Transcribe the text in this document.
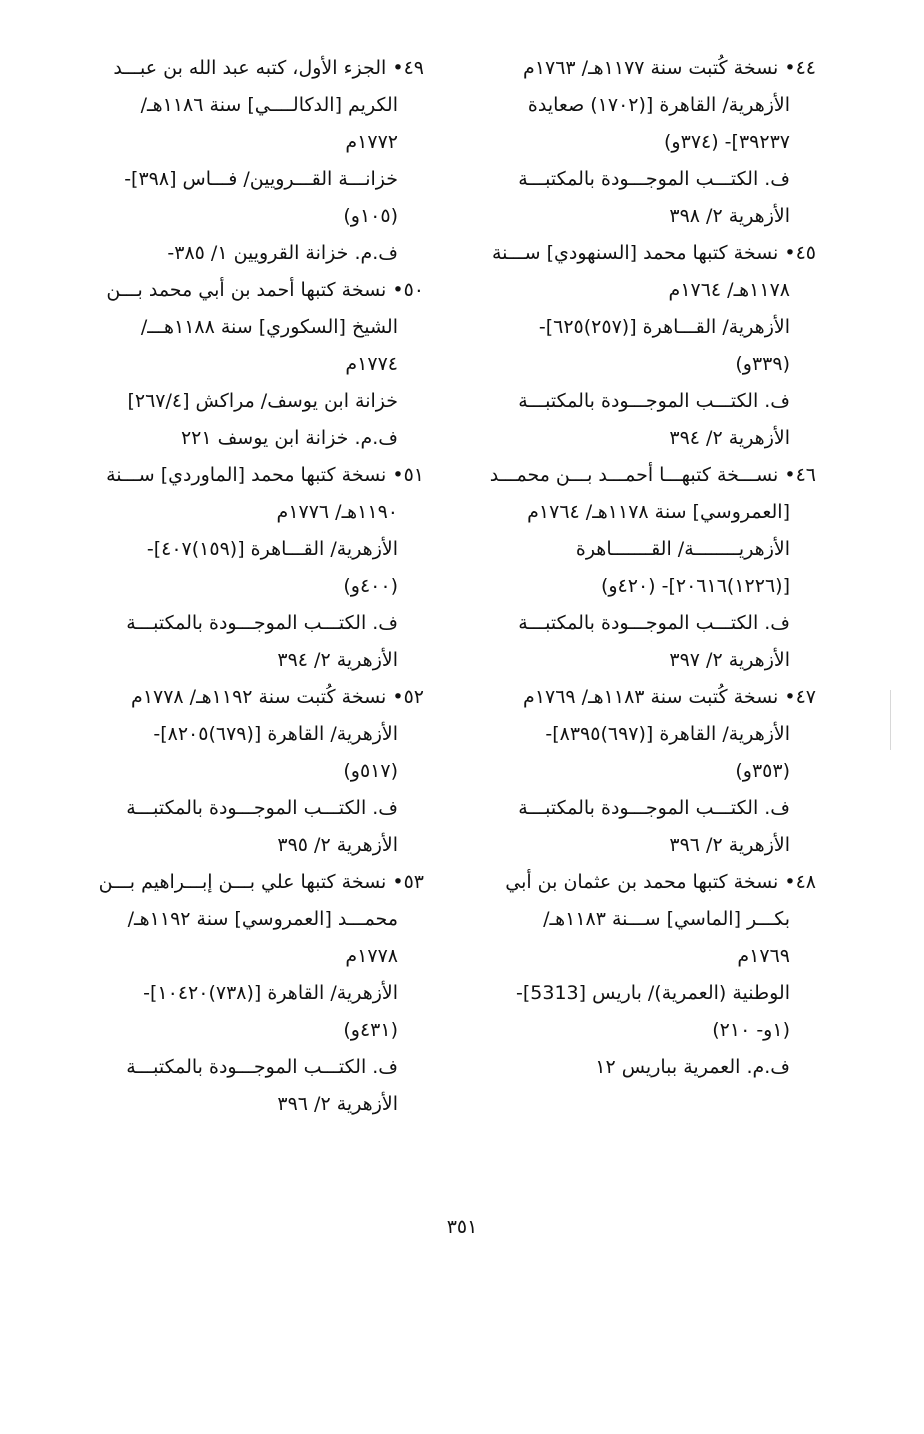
٤٤• نسخة كُتبت سنة ١١٧٧هـ/ ١٧٦٣م
الأزهرية/ القاهرة [(١٧٠٢) صعايدة
٣٩٢٣٧]- (٣٧٤و)
ف. الكتـــب الموجـــودة بالمكتبـــة
الأزهرية ٢/ ٣٩٨
٤٥• نسخة كتبها محمد [السنهودي] ســـنة
١١٧٨هـ/ ١٧٦٤م
الأزهرية/ القـــاهرة [(٢٥٧)٦٢٥]-
(٣٣٩و)
ف. الكتـــب الموجـــودة بالمكتبـــة
الأزهرية ٢/ ٣٩٤
٤٦• نســـخة كتبهـــا أحمـــد بـــن محمـــد
[العمروسي] سنة ١١٧٨هـ/ ١٧٦٤م
الأزهريــــــــة/ القـــــــاهرة
[(١٢٢٦)٢٠٦١٦]- (٤٢٠و)
ف. الكتـــب الموجـــودة بالمكتبـــة
الأزهرية ٢/ ٣٩٧
٤٧• نسخة كُتبت سنة ١١٨٣هـ/ ١٧٦٩م
الأزهرية/ القاهرة [(٦٩٧)٨٣٩٥]-
(٣٥٣و)
ف. الكتـــب الموجـــودة بالمكتبـــة
الأزهرية ٢/ ٣٩٦
٤٨• نسخة كتبها محمد بن عثمان بن أبي
بكـــر [الماسي] ســـنة ١١٨٣هـ/
١٧٦٩م
الوطنية (العمرية)/ باريس [5313]-
(١و- ٢١٠)
ف.م. العمرية بباريس ١٢
٤٩• الجزء الأول، كتبه عبد الله بن عبـــد
الكريم [الدكالــــي] سنة ١١٨٦هـ/
١٧٧٢م
خزانـــة القـــرويين/ فـــاس [٣٩٨]-
(١٠٥و)
ف.م. خزانة القرويين ١/ ٣٨٥-
٥٠• نسخة كتبها أحمد بن أبي محمد بـــن
الشيخ [السكوري] سنة ١١٨٨هـــ/
١٧٧٤م
خزانة ابن يوسف/ مراكش [٢٦٧/٤]
ف.م. خزانة ابن يوسف ٢٢١
٥١• نسخة كتبها محمد [الماوردي] ســـنة
١١٩٠هـ/ ١٧٧٦م
الأزهرية/ القـــاهرة [(١٥٩)٤٠٧]-
(٤٠٠و)
ف. الكتـــب الموجـــودة بالمكتبـــة
الأزهرية ٢/ ٣٩٤
٥٢• نسخة كُتبت سنة ١١٩٢هـ/ ١٧٧٨م
الأزهرية/ القاهرة [(٦٧٩)٨٢٠٥]-
(٥١٧و)
ف. الكتـــب الموجـــودة بالمكتبـــة
الأزهرية ٢/ ٣٩٥
٥٣• نسخة كتبها علي بـــن إبـــراهيم بـــن
محمـــد [العمروسي] سنة ١١٩٢هـ/
١٧٧٨م
الأزهرية/ القاهرة [(٧٣٨)١٠٤٢٠]-
(٤٣١و)
ف. الكتـــب الموجـــودة بالمكتبـــة
الأزهرية ٢/ ٣٩٦
٣٥١
